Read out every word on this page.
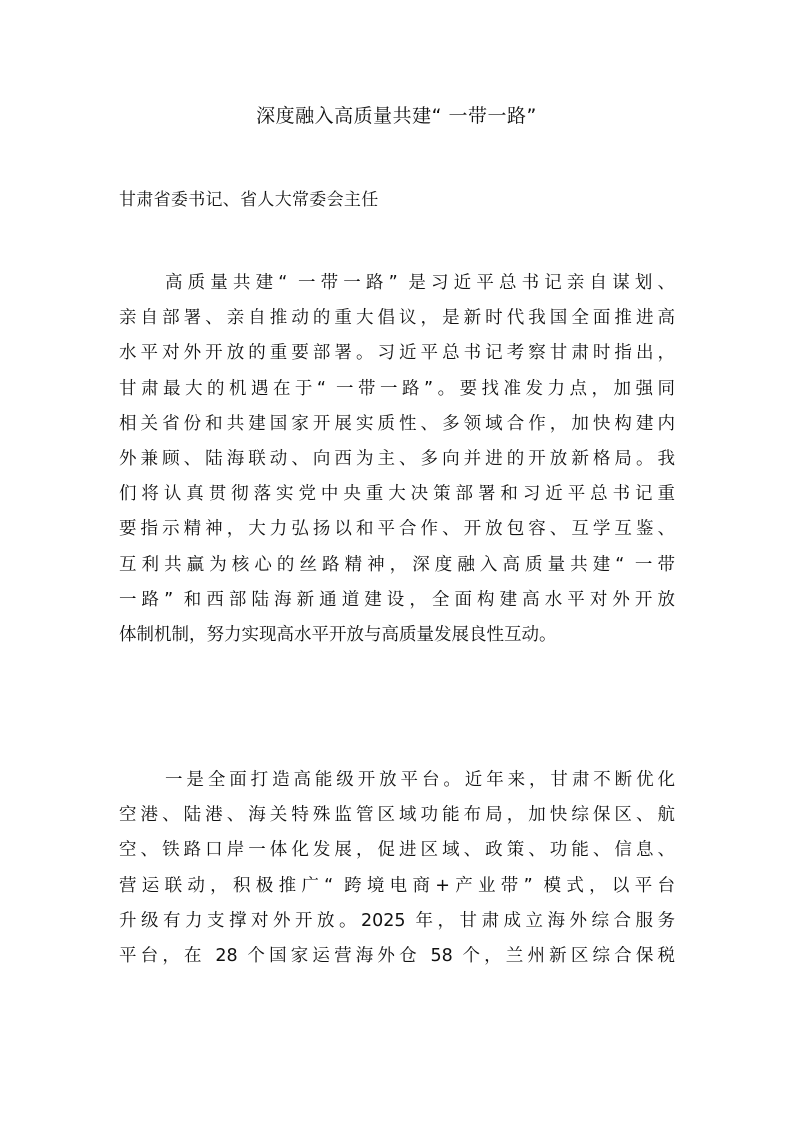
深度融入高质量共建“ 一带一路”

甘肃省委书记、省人大常委会主任

高质量共建“ 一带一路” 是习近平总书记亲自谋划、
亲自部署、亲自推动的重大倡议，是新时代我国全面推进高
水平对外开放的重要部署。习近平总书记考察甘肃时指出，
甘肃最大的机遇在于“ 一带一路”。要找准发力点，加强同
相关省份和共建国家开展实质性、多领域合作，加快构建内
外兼顾、陆海联动、向西为主、多向并进的开放新格局。我
们将认真贯彻落实党中央重大决策部署和习近平总书记重
要指示精神，大力弘扬以和平合作、开放包容、互学互鉴、
互利共赢为核心的丝路精神，深度融入高质量共建“ 一带
一路” 和西部陆海新通道建设，全面构建高水平对外开放
体制机制，努力实现高水平开放与高质量发展良性互动。
一是全面打造高能级开放平台。近年来，甘肃不断优化
空港、陆港、海关特殊监管区域功能布局，加快综保区、航
空、铁路口岸一体化发展，促进区域、政策、功能、信息、
营运联动，积极推广“ 跨境电商+产业带” 模式，以平台
升级有力支撑对外开放。2025 年，甘肃成立海外综合服务
平台，在 28 个国家运营海外仓 58 个，兰州新区综合保税
